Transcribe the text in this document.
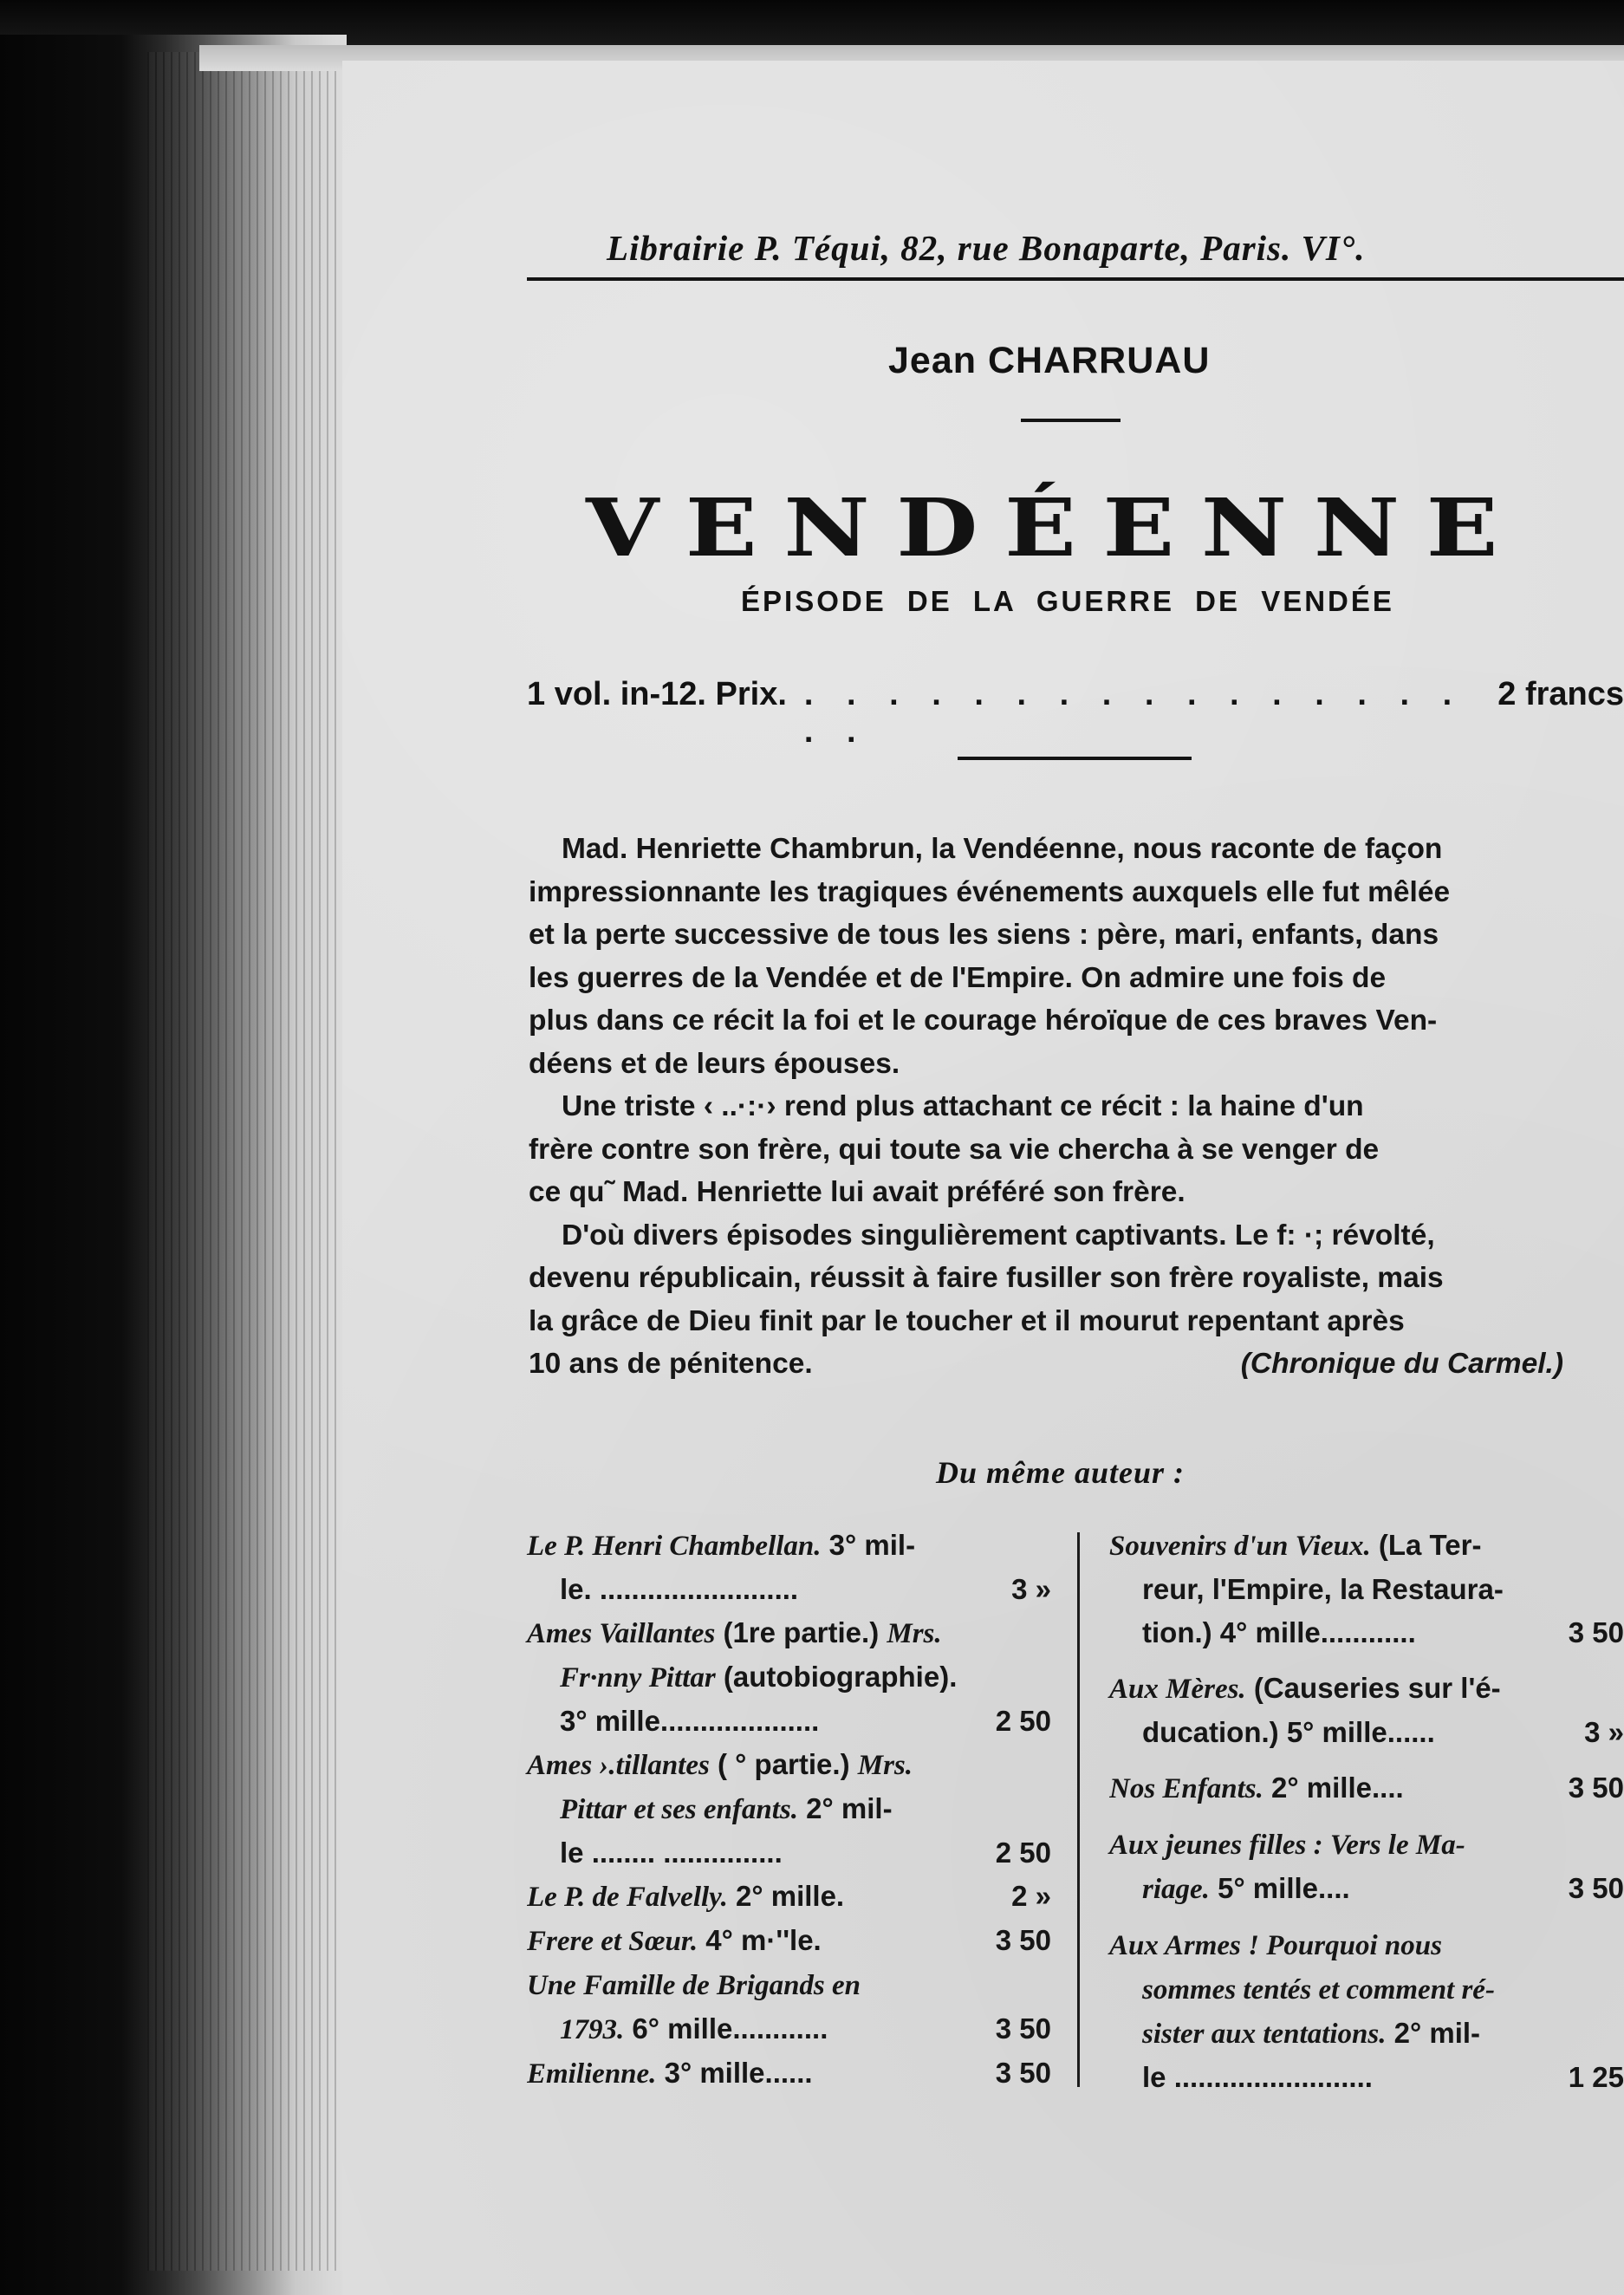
Librairie P. Téqui, 82, rue Bonaparte, Paris. VI°.
Jean CHARRUAU
VENDÉENNE
ÉPISODE DE LA GUERRE DE VENDÉE
1 vol. in-12. Prix. . . . . . . . . . . . . . . . . . .
2 francs

Mad. Henriette Chambrun, la Vendéenne, nous raconte de façon

impressionnante les tragiques événements auxquels elle fut mêlée

et la perte successive de tous les siens : père, mari, enfants, dans

les guerres de la Vendée et de l'Empire. On admire une fois de

plus dans ce récit la foi et le courage héroïque de ces braves Ven-

déens et de leurs épouses.

Une triste ‹ ..·:·› rend plus attachant ce récit : la haine d'un

frère contre son frère, qui toute sa vie chercha à se venger de

ce qu˜ Mad. Henriette lui avait préféré son frère.

D'où divers épisodes singulièrement captivants. Le f: ·; révolté,

devenu républicain, réussit à faire fusiller son frère royaliste, mais

la grâce de Dieu finit par le toucher et il mourut repentant après

10 ans de pénitence.	(Chronique du Carmel.)

Du même auteur :
Le P. Henri Chambellan. 3° mil-
le. .........................	3 »
Ames Vaillantes (1re partie.) Mrs.
Fr·nny Pittar (autobiographie).
3° mille....................	2 50
Ames ›.tillantes ( ° partie.) Mrs.
Pittar et ses enfants. 2° mil-
le ........ ...............	2 50
Le P. de Falvelly. 2° mille.	2 »
Frere et Sœur. 4° m·''le.	3 50
Une Famille de Brigands en
1793. 6° mille............	3 50
Emilienne. 3° mille......	3 50
Souvenirs d'un Vieux. (La Ter-
reur, l'Empire, la Restaura-
tion.) 4° mille............	3 50
Aux Mères. (Causeries sur l'é-
ducation.) 5° mille......	3 »
Nos Enfants. 2° mille....	3 50
Aux jeunes filles : Vers le Ma-
riage. 5° mille....	3 50
Aux Armes ! Pourquoi nous
sommes tentés et comment ré-
sister aux tentations. 2° mil-
le .........................	1 25
